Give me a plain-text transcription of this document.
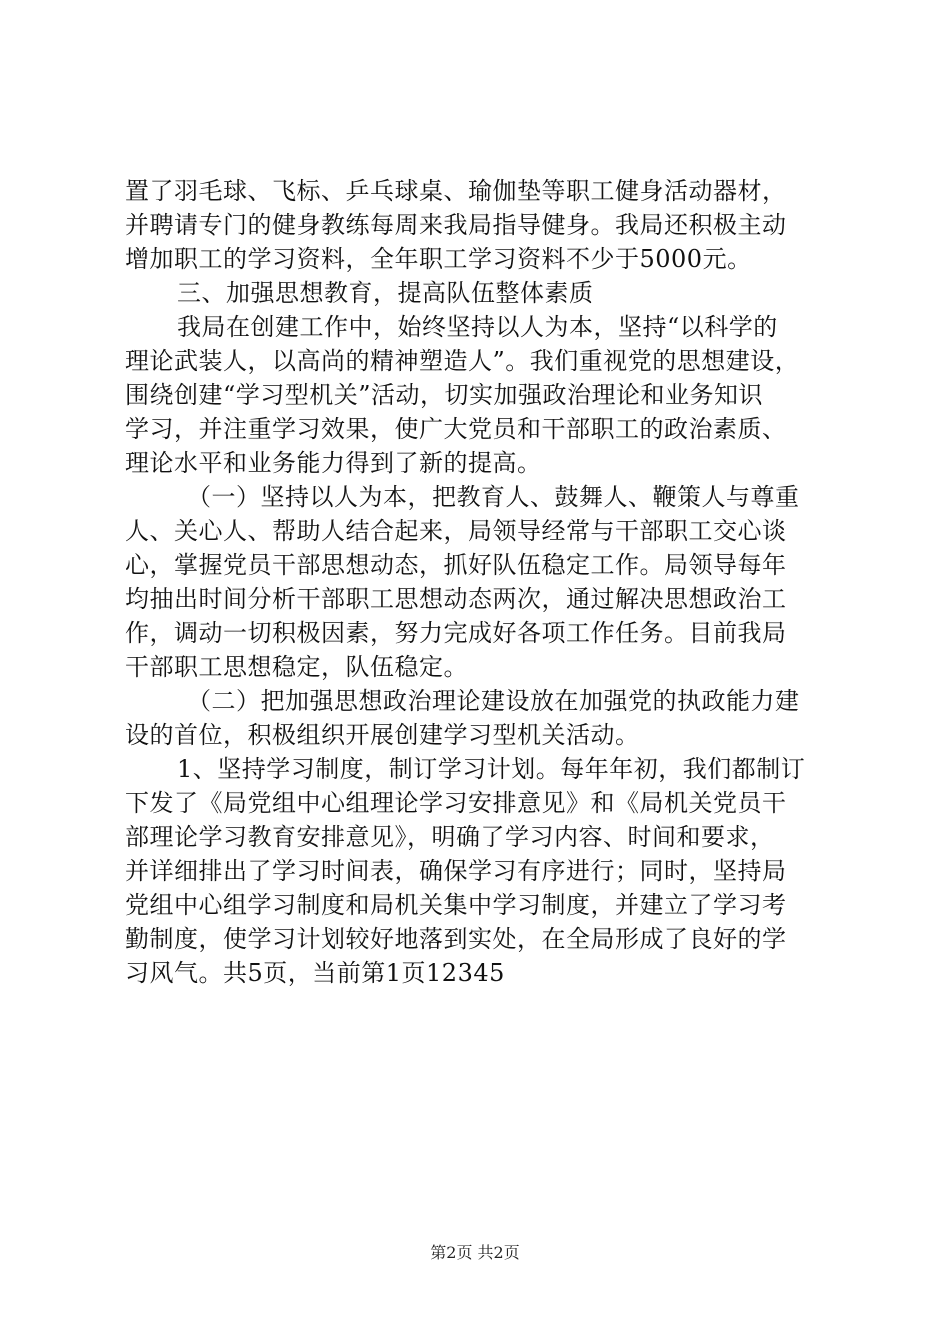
置了羽毛球、飞标、乒乓球桌、瑜伽垫等职工健身活动器材，
并聘请专门的健身教练每周来我局指导健身。我局还积极主动
增加职工的学习资料，全年职工学习资料不少于5000元。
三、加强思想教育，提高队伍整体素质
我局在创建工作中，始终坚持以人为本，坚持“以科学的
理论武装人，以高尚的精神塑造人”。我们重视党的思想建设，
围绕创建“学习型机关”活动，切实加强政治理论和业务知识
学习，并注重学习效果，使广大党员和干部职工的政治素质、
理论水平和业务能力得到了新的提高。
（一）坚持以人为本，把教育人、鼓舞人、鞭策人与尊重
人、关心人、帮助人结合起来，局领导经常与干部职工交心谈
心，掌握党员干部思想动态，抓好队伍稳定工作。局领导每年
均抽出时间分析干部职工思想动态两次，通过解决思想政治工
作，调动一切积极因素，努力完成好各项工作任务。目前我局
干部职工思想稳定，队伍稳定。
（二）把加强思想政治理论建设放在加强党的执政能力建
设的首位，积极组织开展创建学习型机关活动。
1、坚持学习制度，制订学习计划。每年年初，我们都制订
下发了《局党组中心组理论学习安排意见》和《局机关党员干
部理论学习教育安排意见》，明确了学习内容、时间和要求，
并详细排出了学习时间表，确保学习有序进行；同时，坚持局
党组中心组学习制度和局机关集中学习制度，并建立了学习考
勤制度，使学习计划较好地落到实处，在全局形成了良好的学
习风气。共5页，当前第1页12345
第2页 共2页
